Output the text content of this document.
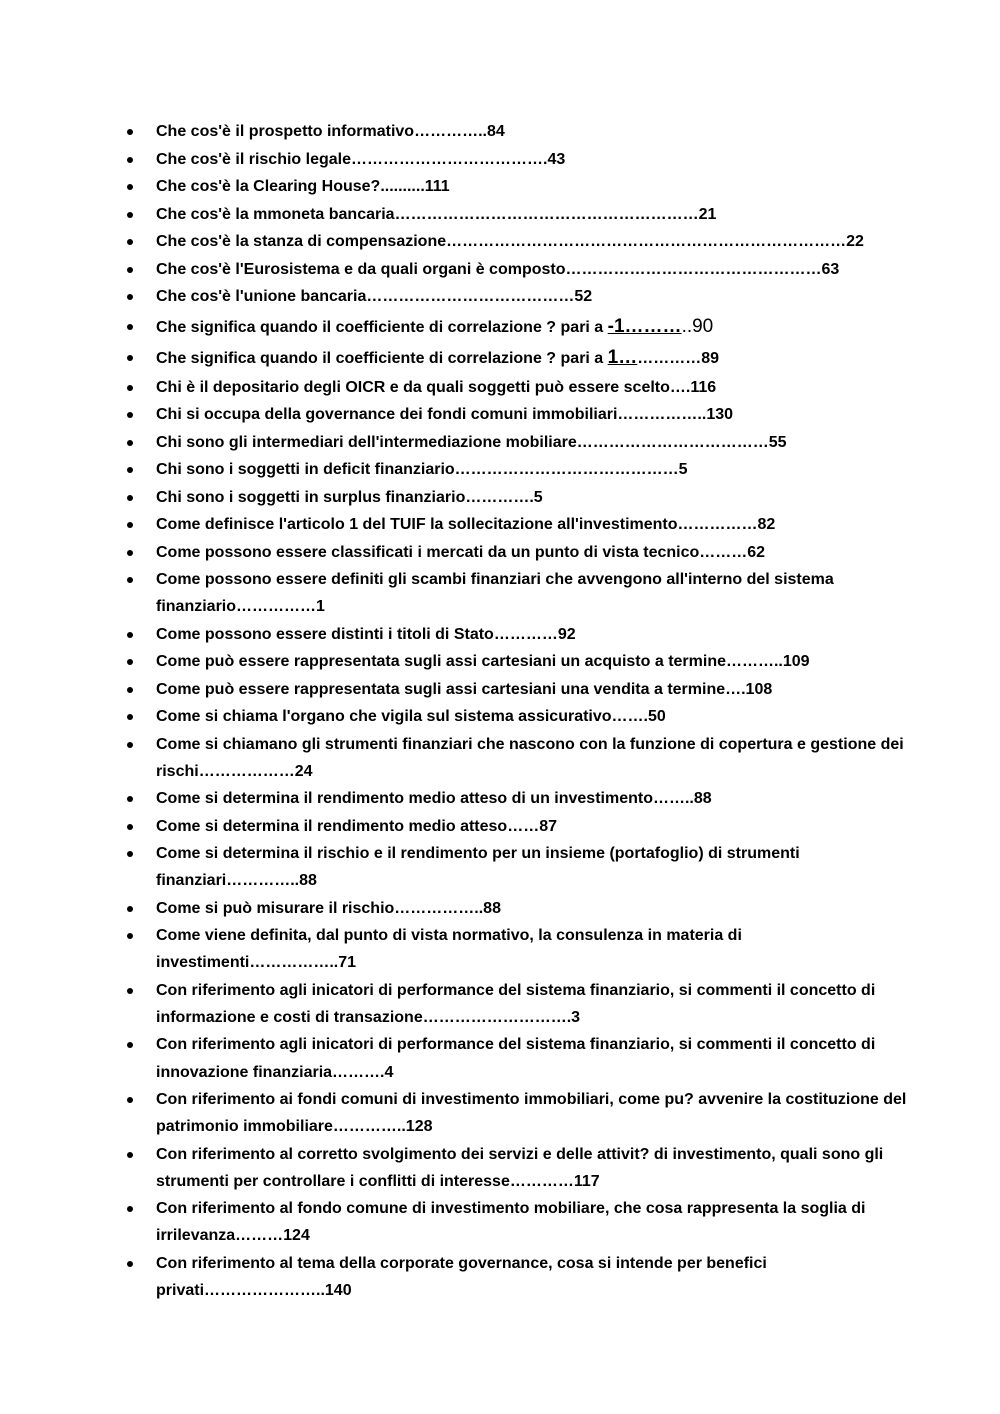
Che cos'è il prospetto informativo…………..84
Che cos'è il rischio legale……………………………….43
Che cos'è la Clearing House?..........111
Che cos'è la mmoneta bancaria…………………………………………………21
Che cos'è la stanza di compensazione…………………………………………………………………22
Che cos'è l'Eurosistema e da quali organi è composto…………………………………………63
Che cos'è l'unione bancaria…………………………………52
Che significa quando il coefficiente di correlazione ? pari a -1………..90
Che significa quando il coefficiente di correlazione ? pari a 1……………89
Chi è il depositario degli OICR e da quali soggetti può essere scelto….116
Chi si occupa della governance dei fondi comuni immobiliari……………..130
Chi sono gli intermediari dell'intermediazione mobiliare………………………………55
Chi sono i soggetti in deficit finanziario……………………………………5
Chi sono i soggetti in surplus finanziario………….5
Come definisce l'articolo 1 del TUIF la sollecitazione all'investimento……………82
Come possono essere classificati i mercati da un punto di vista tecnico………62
Come possono essere definiti gli scambi finanziari che avvengono all'interno del sistema finanziario……………1
Come possono essere distinti i titoli di Stato…………92
Come può essere rappresentata sugli assi cartesiani un acquisto a termine………..109
Come può essere rappresentata sugli assi cartesiani una vendita a termine….108
Come si chiama l'organo che vigila sul sistema assicurativo…….50
Come si chiamano gli strumenti finanziari che nascono con la funzione di copertura e gestione dei rischi………………24
Come si determina il rendimento medio atteso di un investimento……..88
Come si determina il rendimento medio atteso……87
Come si determina il rischio e il rendimento per un insieme (portafoglio) di strumenti finanziari…………..88
Come si può misurare il rischio……………..88
Come viene definita, dal punto di vista normativo, la consulenza in materia di investimenti……………..71
Con riferimento agli inicatori di performance del sistema finanziario, si commenti il concetto di informazione e costi di transazione……………………….3
Con riferimento agli inicatori di performance del sistema finanziario, si commenti il concetto di innovazione finanziaria……….4
Con riferimento ai fondi comuni di investimento immobiliari, come pu? avvenire la costituzione del patrimonio immobiliare…………..128
Con riferimento al corretto svolgimento dei servizi e delle attivit? di investimento, quali sono gli strumenti per controllare i conflitti di interesse…………117
Con riferimento al fondo comune di investimento mobiliare, che cosa rappresenta la soglia di irrilevanza………124
Con riferimento al tema della corporate governance, cosa si intende per benefici privati…………………..140
